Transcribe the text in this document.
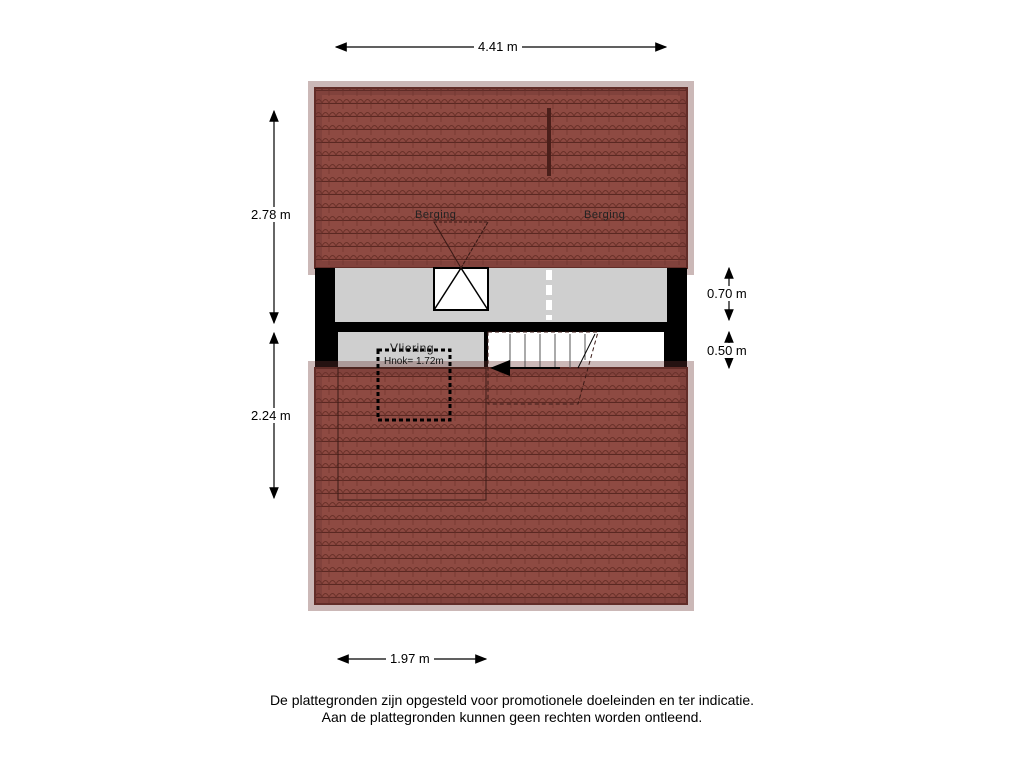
4.41 m
2.78 m
2.24 m
0.70 m
0.50 m
1.97 m
Berging	Berging
Vliering
Hnok= 1.72m
De plattegronden zijn opgesteld voor promotionele doeleinden en ter indicatie.
Aan de plattegronden kunnen geen rechten worden ontleend.
